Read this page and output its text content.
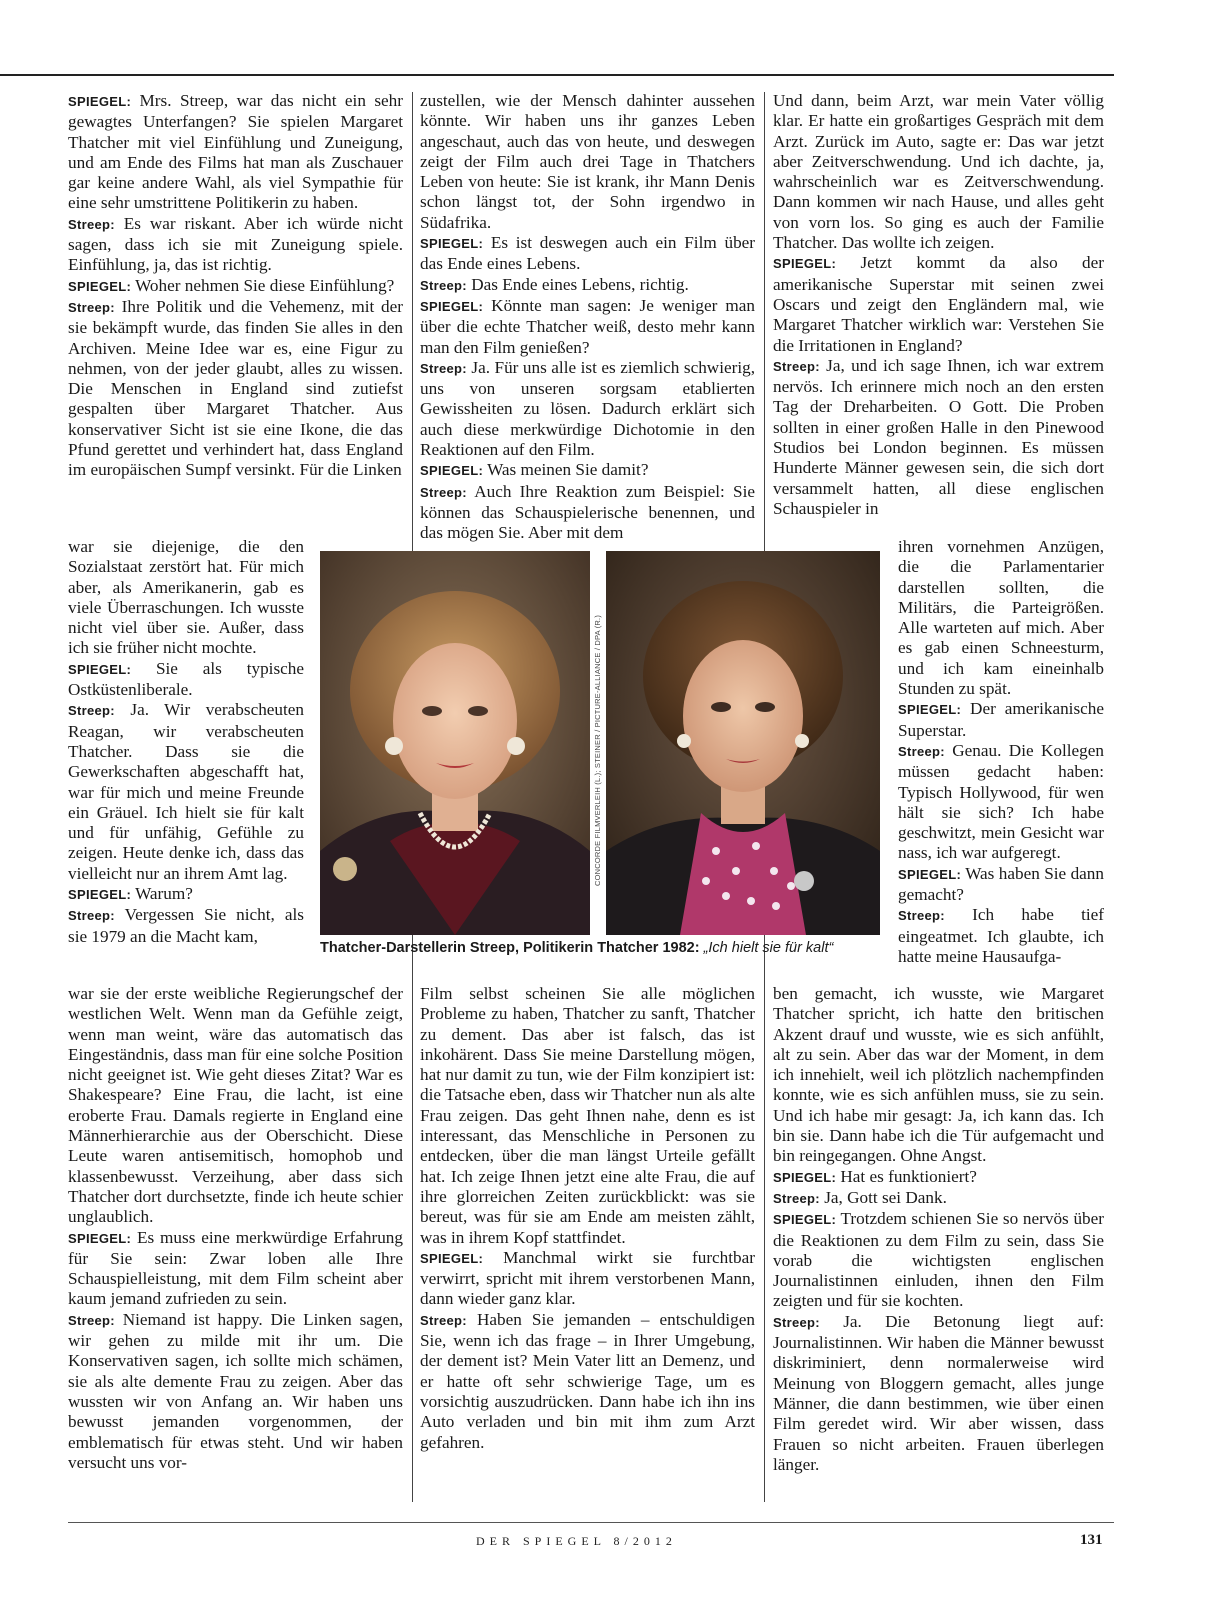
SPIEGEL: Mrs. Streep, war das nicht ein sehr gewagtes Unterfangen? Sie spielen Margaret Thatcher mit viel Einfühlung und Zuneigung, und am Ende des Films hat man als Zuschauer gar keine andere Wahl, als viel Sympathie für eine sehr umstrittene Politikerin zu haben.

Streep: Es war riskant. Aber ich würde nicht sagen, dass ich sie mit Zuneigung spiele. Einfühlung, ja, das ist richtig.

SPIEGEL: Woher nehmen Sie diese Einfühlung?

Streep: Ihre Politik und die Vehemenz, mit der sie bekämpft wurde, das finden Sie alles in den Archiven. Meine Idee war es, eine Figur zu nehmen, von der jeder glaubt, alles zu wissen. Die Menschen in England sind zutiefst gespalten über Margaret Thatcher. Aus konservativer Sicht ist sie eine Ikone, die das Pfund gerettet und verhindert hat, dass England im europäischen Sumpf versinkt. Für die Linken

war sie diejenige, die den Sozialstaat zerstört hat. Für mich aber, als Amerikanerin, gab es viele Überraschungen. Ich wusste nicht viel über sie. Außer, dass ich sie früher nicht mochte.

SPIEGEL: Sie als typische Ostküstenliberale.

Streep: Ja. Wir verabscheuten Reagan, wir verabscheuten Thatcher. Dass sie die Gewerkschaften abgeschafft hat, war für mich und meine Freunde ein Gräuel. Ich hielt sie für kalt und für unfähig, Gefühle zu zeigen. Heute denke ich, dass das vielleicht nur an ihrem Amt lag.

SPIEGEL: Warum?

Streep: Vergessen Sie nicht, als sie 1979 an die Macht kam,

war sie der erste weibliche Regierungschef der westlichen Welt. Wenn man da Gefühle zeigt, wenn man weint, wäre das automatisch das Eingeständnis, dass man für eine solche Position nicht geeignet ist. Wie geht dieses Zitat? War es Shakespeare? Eine Frau, die lacht, ist eine eroberte Frau. Damals regierte in England eine Männerhierarchie aus der Oberschicht. Diese Leute waren antisemitisch, homophob und klassenbewusst. Verzeihung, aber dass sich Thatcher dort durchsetzte, finde ich heute schier unglaublich.

SPIEGEL: Es muss eine merkwürdige Erfahrung für Sie sein: Zwar loben alle Ihre Schauspielleistung, mit dem Film scheint aber kaum jemand zufrieden zu sein.

Streep: Niemand ist happy. Die Linken sagen, wir gehen zu milde mit ihr um. Die Konservativen sagen, ich sollte mich schämen, sie als alte demente Frau zu zeigen. Aber das wussten wir von Anfang an. Wir haben uns bewusst jemanden vorgenommen, der emblematisch für etwas steht. Und wir haben versucht uns vor-

zustellen, wie der Mensch dahinter aussehen könnte. Wir haben uns ihr ganzes Leben angeschaut, auch das von heute, und deswegen zeigt der Film auch drei Tage in Thatchers Leben von heute: Sie ist krank, ihr Mann Denis schon längst tot, der Sohn irgendwo in Südafrika.

SPIEGEL: Es ist deswegen auch ein Film über das Ende eines Lebens.

Streep: Das Ende eines Lebens, richtig.

SPIEGEL: Könnte man sagen: Je weniger man über die echte Thatcher weiß, desto mehr kann man den Film genießen?

Streep: Ja. Für uns alle ist es ziemlich schwierig, uns von unseren sorgsam etablierten Gewissheiten zu lösen. Dadurch erklärt sich auch diese merkwürdige Dichotomie in den Reaktionen auf den Film.

SPIEGEL: Was meinen Sie damit?

Streep: Auch Ihre Reaktion zum Beispiel: Sie können das Schauspielerische benennen, und das mögen Sie. Aber mit dem

Film selbst scheinen Sie alle möglichen Probleme zu haben, Thatcher zu sanft, Thatcher zu dement. Das aber ist falsch, das ist inkohärent. Dass Sie meine Darstellung mögen, hat nur damit zu tun, wie der Film konzipiert ist: die Tatsache eben, dass wir Thatcher nun als alte Frau zeigen. Das geht Ihnen nahe, denn es ist interessant, das Menschliche in Personen zu entdecken, über die man längst Urteile gefällt hat. Ich zeige Ihnen jetzt eine alte Frau, die auf ihre glorreichen Zeiten zurückblickt: was sie bereut, was für sie am Ende am meisten zählt, was in ihrem Kopf stattfindet.

SPIEGEL: Manchmal wirkt sie furchtbar verwirrt, spricht mit ihrem verstorbenen Mann, dann wieder ganz klar.

Streep: Haben Sie jemanden – entschuldigen Sie, wenn ich das frage – in Ihrer Umgebung, der dement ist? Mein Vater litt an Demenz, und er hatte oft sehr schwierige Tage, um es vorsichtig auszudrücken. Dann habe ich ihn ins Auto verladen und bin mit ihm zum Arzt gefahren.

Und dann, beim Arzt, war mein Vater völlig klar. Er hatte ein großartiges Gespräch mit dem Arzt. Zurück im Auto, sagte er: Das war jetzt aber Zeitverschwendung. Und ich dachte, ja, wahrscheinlich war es Zeitverschwendung. Dann kommen wir nach Hause, und alles geht von vorn los. So ging es auch der Familie Thatcher. Das wollte ich zeigen.

SPIEGEL: Jetzt kommt da also der amerikanische Superstar mit seinen zwei Oscars und zeigt den Engländern mal, wie Margaret Thatcher wirklich war: Verstehen Sie die Irritationen in England?

Streep: Ja, und ich sage Ihnen, ich war extrem nervös. Ich erinnere mich noch an den ersten Tag der Dreharbeiten. O Gott. Die Proben sollten in einer großen Halle in den Pinewood Studios bei London beginnen. Es müssen Hunderte Männer gewesen sein, die sich dort versammelt hatten, all diese englischen Schauspieler in

ihren vornehmen Anzügen, die die Parlamentarier darstellen sollten, die Militärs, die Parteigrößen. Alle warteten auf mich. Aber es gab einen Schneesturm, und ich kam eineinhalb Stunden zu spät.

SPIEGEL: Der amerikanische Superstar.

Streep: Genau. Die Kollegen müssen gedacht haben: Typisch Hollywood, für wen hält sie sich? Ich habe geschwitzt, mein Gesicht war nass, ich war aufgeregt.

SPIEGEL: Was haben Sie dann gemacht?

Streep: Ich habe tief eingeatmet. Ich glaubte, ich hatte meine Hausaufga-

ben gemacht, ich wusste, wie Margaret Thatcher spricht, ich hatte den britischen Akzent drauf und wusste, wie es sich anfühlt, alt zu sein. Aber das war der Moment, in dem ich innehielt, weil ich plötzlich nachempfinden konnte, wie es sich anfühlen muss, sie zu sein. Und ich habe mir gesagt: Ja, ich kann das. Ich bin sie. Dann habe ich die Tür aufgemacht und bin reingegangen. Ohne Angst.

SPIEGEL: Hat es funktioniert?

Streep: Ja, Gott sei Dank.

SPIEGEL: Trotzdem schienen Sie so nervös über die Reaktionen zu dem Film zu sein, dass Sie vorab die wichtigsten englischen Journalistinnen einluden, ihnen den Film zeigten und für sie kochten.

Streep: Ja. Die Betonung liegt auf: Journalistinnen. Wir haben die Männer bewusst diskriminiert, denn normalerweise wird Meinung von Bloggern gemacht, alles junge Männer, die dann bestimmen, wie über einen Film geredet wird. Wir aber wissen, dass Frauen so nicht arbeiten. Frauen überlegen länger.

CONCORDE FILMVERLEIH (L.); STEINER / PICTURE-ALLIANCE / DPA (R.)
Thatcher-Darstellerin Streep, Politikerin Thatcher 1982: „Ich hielt sie für kalt“
DER SPIEGEL 8/2012	131
